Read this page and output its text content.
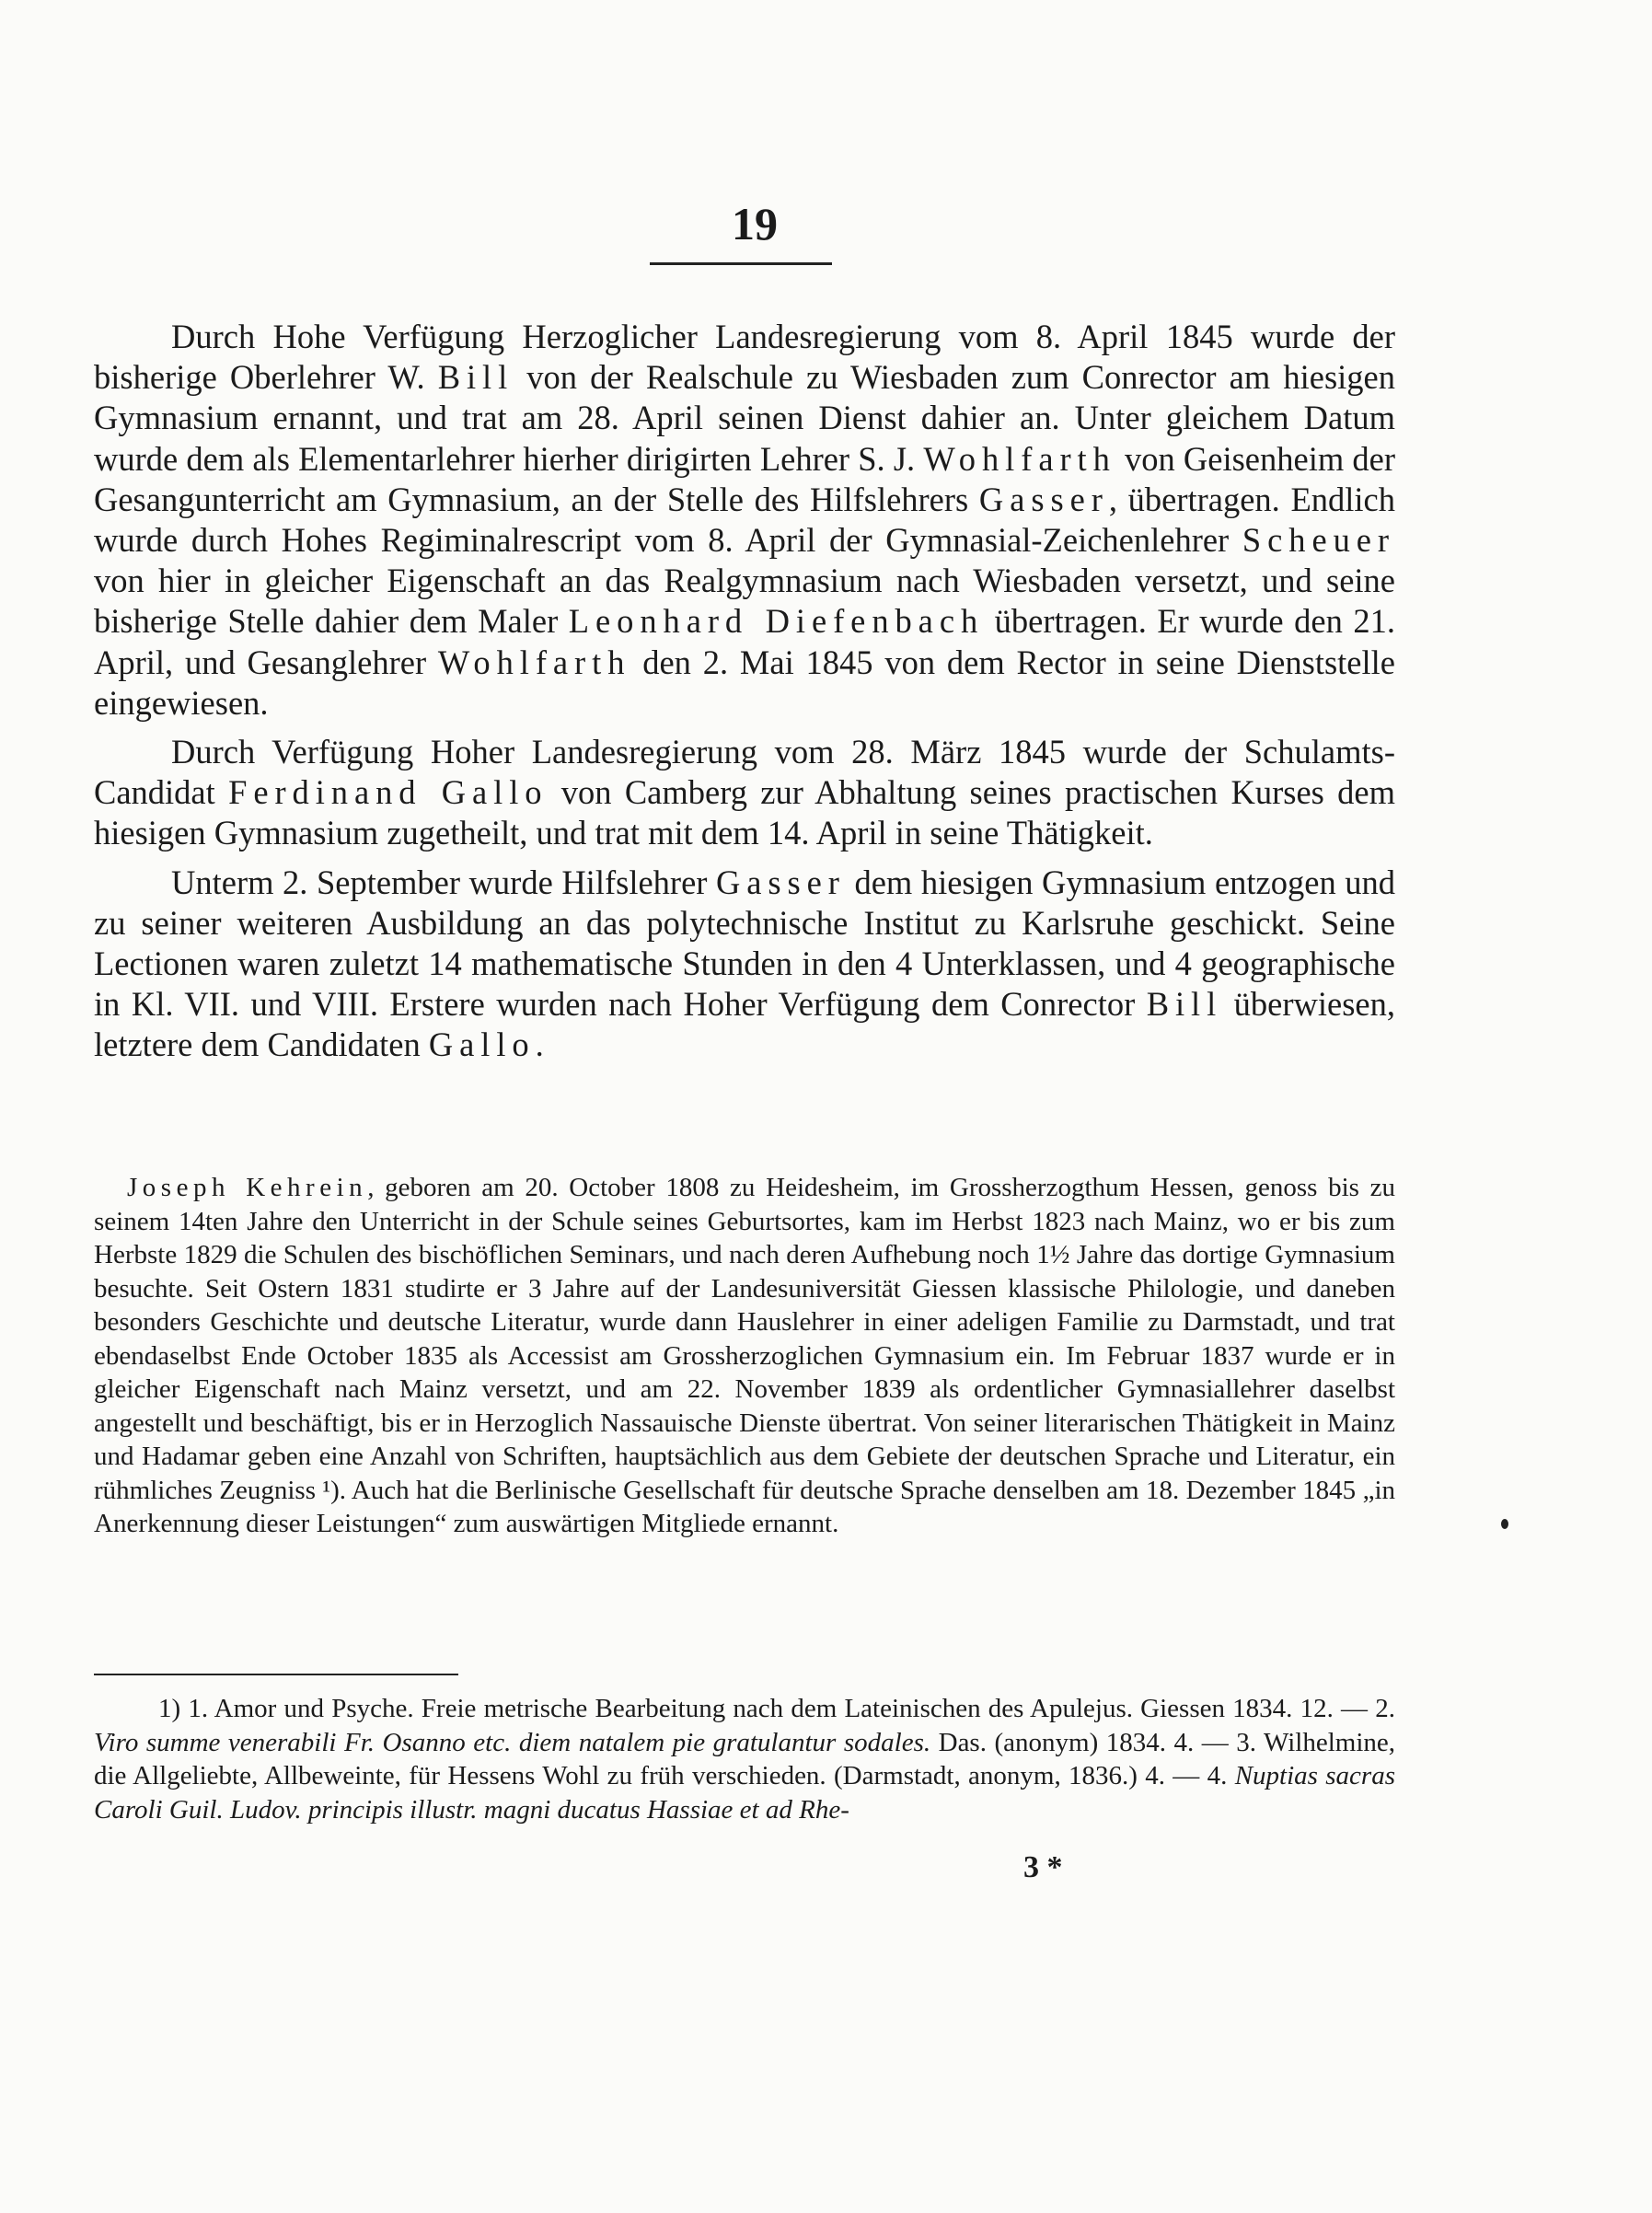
19

Durch Hohe Verfügung Herzoglicher Landesregierung vom 8. April 1845 wurde der bisherige Oberlehrer W. Bill von der Realschule zu Wiesbaden zum Conrector am hiesigen Gymnasium ernannt, und trat am 28. April seinen Dienst dahier an. Unter gleichem Datum wurde dem als Elementarlehrer hierher dirigirten Lehrer S. J. Wohlfarth von Geisenheim der Gesangunterricht am Gymnasium, an der Stelle des Hilfslehrers Gasser, übertragen. Endlich wurde durch Hohes Regiminalrescript vom 8. April der Gymnasial-Zeichenlehrer Scheuer von hier in gleicher Eigenschaft an das Realgymnasium nach Wiesbaden versetzt, und seine bisherige Stelle dahier dem Maler Leonhard Diefenbach übertragen. Er wurde den 21. April, und Gesanglehrer Wohlfarth den 2. Mai 1845 von dem Rector in seine Dienststelle eingewiesen.

Durch Verfügung Hoher Landesregierung vom 28. März 1845 wurde der Schulamts-Candidat Ferdinand Gallo von Camberg zur Abhaltung seines practischen Kurses dem hiesigen Gymnasium zugetheilt, und trat mit dem 14. April in seine Thätigkeit.

Unterm 2. September wurde Hilfslehrer Gasser dem hiesigen Gymnasium entzogen und zu seiner weiteren Ausbildung an das polytechnische Institut zu Karlsruhe geschickt. Seine Lectionen waren zuletzt 14 mathematische Stunden in den 4 Unterklassen, und 4 geographische in Kl. VII. und VIII. Erstere wurden nach Hoher Verfügung dem Conrector Bill überwiesen, letztere dem Candidaten Gallo.

Joseph Kehrein, geboren am 20. October 1808 zu Heidesheim, im Grossherzogthum Hessen, genoss bis zu seinem 14ten Jahre den Unterricht in der Schule seines Geburtsortes, kam im Herbst 1823 nach Mainz, wo er bis zum Herbste 1829 die Schulen des bischöflichen Seminars, und nach deren Aufhebung noch 1½ Jahre das dortige Gymnasium besuchte. Seit Ostern 1831 studirte er 3 Jahre auf der Landesuniversität Giessen klassische Philologie, und daneben besonders Geschichte und deutsche Literatur, wurde dann Hauslehrer in einer adeligen Familie zu Darmstadt, und trat ebendaselbst Ende October 1835 als Accessist am Grossherzoglichen Gymnasium ein. Im Februar 1837 wurde er in gleicher Eigenschaft nach Mainz versetzt, und am 22. November 1839 als ordentlicher Gymnasiallehrer daselbst angestellt und beschäftigt, bis er in Herzoglich Nassauische Dienste übertrat. Von seiner literarischen Thätigkeit in Mainz und Hadamar geben eine Anzahl von Schriften, hauptsächlich aus dem Gebiete der deutschen Sprache und Literatur, ein rühmliches Zeugniss ¹). Auch hat die Berlinische Gesellschaft für deutsche Sprache denselben am 18. Dezember 1845 „in Anerkennung dieser Leistungen“ zum auswärtigen Mitgliede ernannt.

1) 1. Amor und Psyche. Freie metrische Bearbeitung nach dem Lateinischen des Apulejus. Giessen 1834. 12. — 2. Viro summe venerabili Fr. Osanno etc. diem natalem pie gratulantur sodales. Das. (anonym) 1834. 4. — 3. Wilhelmine, die Allgeliebte, Allbeweinte, für Hessens Wohl zu früh verschieden. (Darmstadt, anonym, 1836.) 4. — 4. Nuptias sacras Caroli Guil. Ludov. principis illustr. magni ducatus Hassiae et ad Rhe-

3 *
